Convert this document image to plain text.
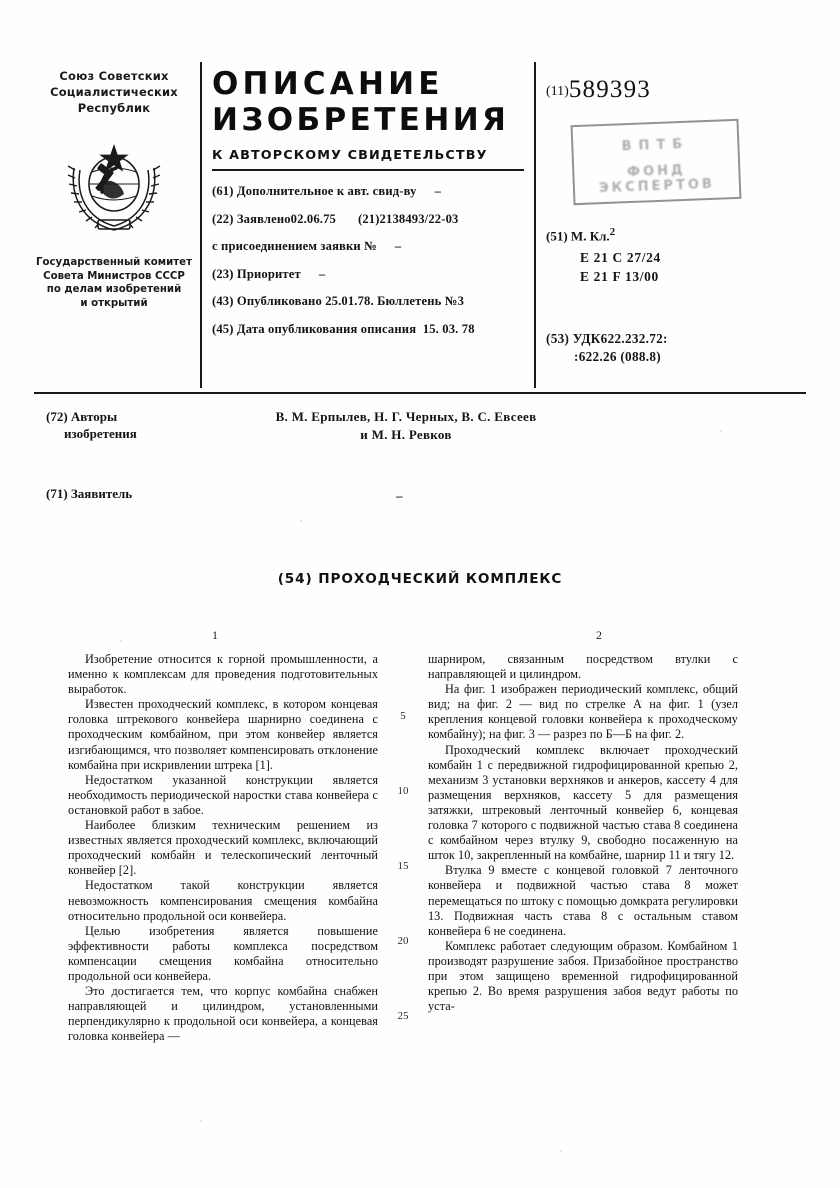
Союз Советских
Социалистических
Республик
Государственный комитет
Совета Министров СССР
по делам изобретений
и открытий
ОПИСАНИЕ
ИЗОБРЕТЕНИЯ
К АВТОРСКОМУ СВИДЕТЕЛЬСТВУ
(61) Дополнительное к авт. свид-ву –
(22) Заявлено02.06.75 (21)2138493/22-03
с присоединением заявки № –
(23) Приоритет –
(43) Опубликовано 25.01.78. Бюллетень №3
(45) Дата опубликования описания 15. 03. 78
(11)589393
ВПТБ
ФОНД ЭКСПЕРТОВ
(51) М. Кл.$^2$
Е 21 С 27/24
Е 21 F 13/00
(53) УДК622.232.72:
:622.26 (088.8)
(72) Авторы
изобретения
В. М. Ерпылев, Н. Г. Черных, В. С. Евсеев
и М. Н. Ревков
(71) Заявитель	–
(54) ПРОХОДЧЕСКИЙ КОМПЛЕКС
1	2
5
10
15
20
25

Изобретение относится к горной промышленности, а именно к комплексам для проведения подготовительных выработок.

Известен проходческий комплекс, в котором концевая головка штрекового конвейера шарнирно соединена с проходческим комбайном, при этом конвейер является изгибающимся, что позволяет компенсировать отклонение комбайна при искривлении штрека [1].

Недостатком указанной конструкции является необходимость периодической наростки става конвейера с остановкой работ в забое.

Наиболее близким техническим решением из известных является проходческий комплекс, включающий проходческий комбайн и телескопический ленточный конвейер [2].

Недостатком такой конструкции является невозможность компенсирования смещения комбайна относительно продольной оси конвейера.

Целью изобретения является повышение эффективности работы комплекса посредством компенсации смещения комбайна относительно продольной оси конвейера.

Это достигается тем, что корпус комбайна снабжен направляющей и цилиндром, установленными перпендикулярно к продольной оси конвейера, а концевая головка конвейера —

шарниром, связанным посредством втулки с направляющей и цилиндром.

На фиг. 1 изображен периодический комплекс, общий вид; на фиг. 2 — вид по стрелке А на фиг. 1 (узел крепления концевой головки конвейера к проходческому комбайну); на фиг. 3 — разрез по Б—Б на фиг. 2.

Проходческий комплекс включает проходческий комбайн 1 с передвижной гидрофицированной крепью 2, механизм 3 установки верхняков и анкеров, кассету 4 для размещения верхняков, кассету 5 для размещения затяжки, штрековый ленточный конвейер 6, концевая головка 7 которого с подвижной частью става 8 соединена с комбайном через втулку 9, свободно посаженную на шток 10, закрепленный на комбайне, шарнир 11 и тягу 12.

Втулка 9 вместе с концевой головкой 7 ленточного конвейера и подвижной частью става 8 может перемещаться по штоку с помощью домкрата регулировки 13. Подвижная часть става 8 с остальным ставом конвейера 6 не соединена.

Комплекс работает следующим образом. Комбайном 1 производят разрушение забоя. Призабойное пространство при этом защищено временной гидрофицированной крепью 2. Во время разрушения забоя ведут работы по уста-
